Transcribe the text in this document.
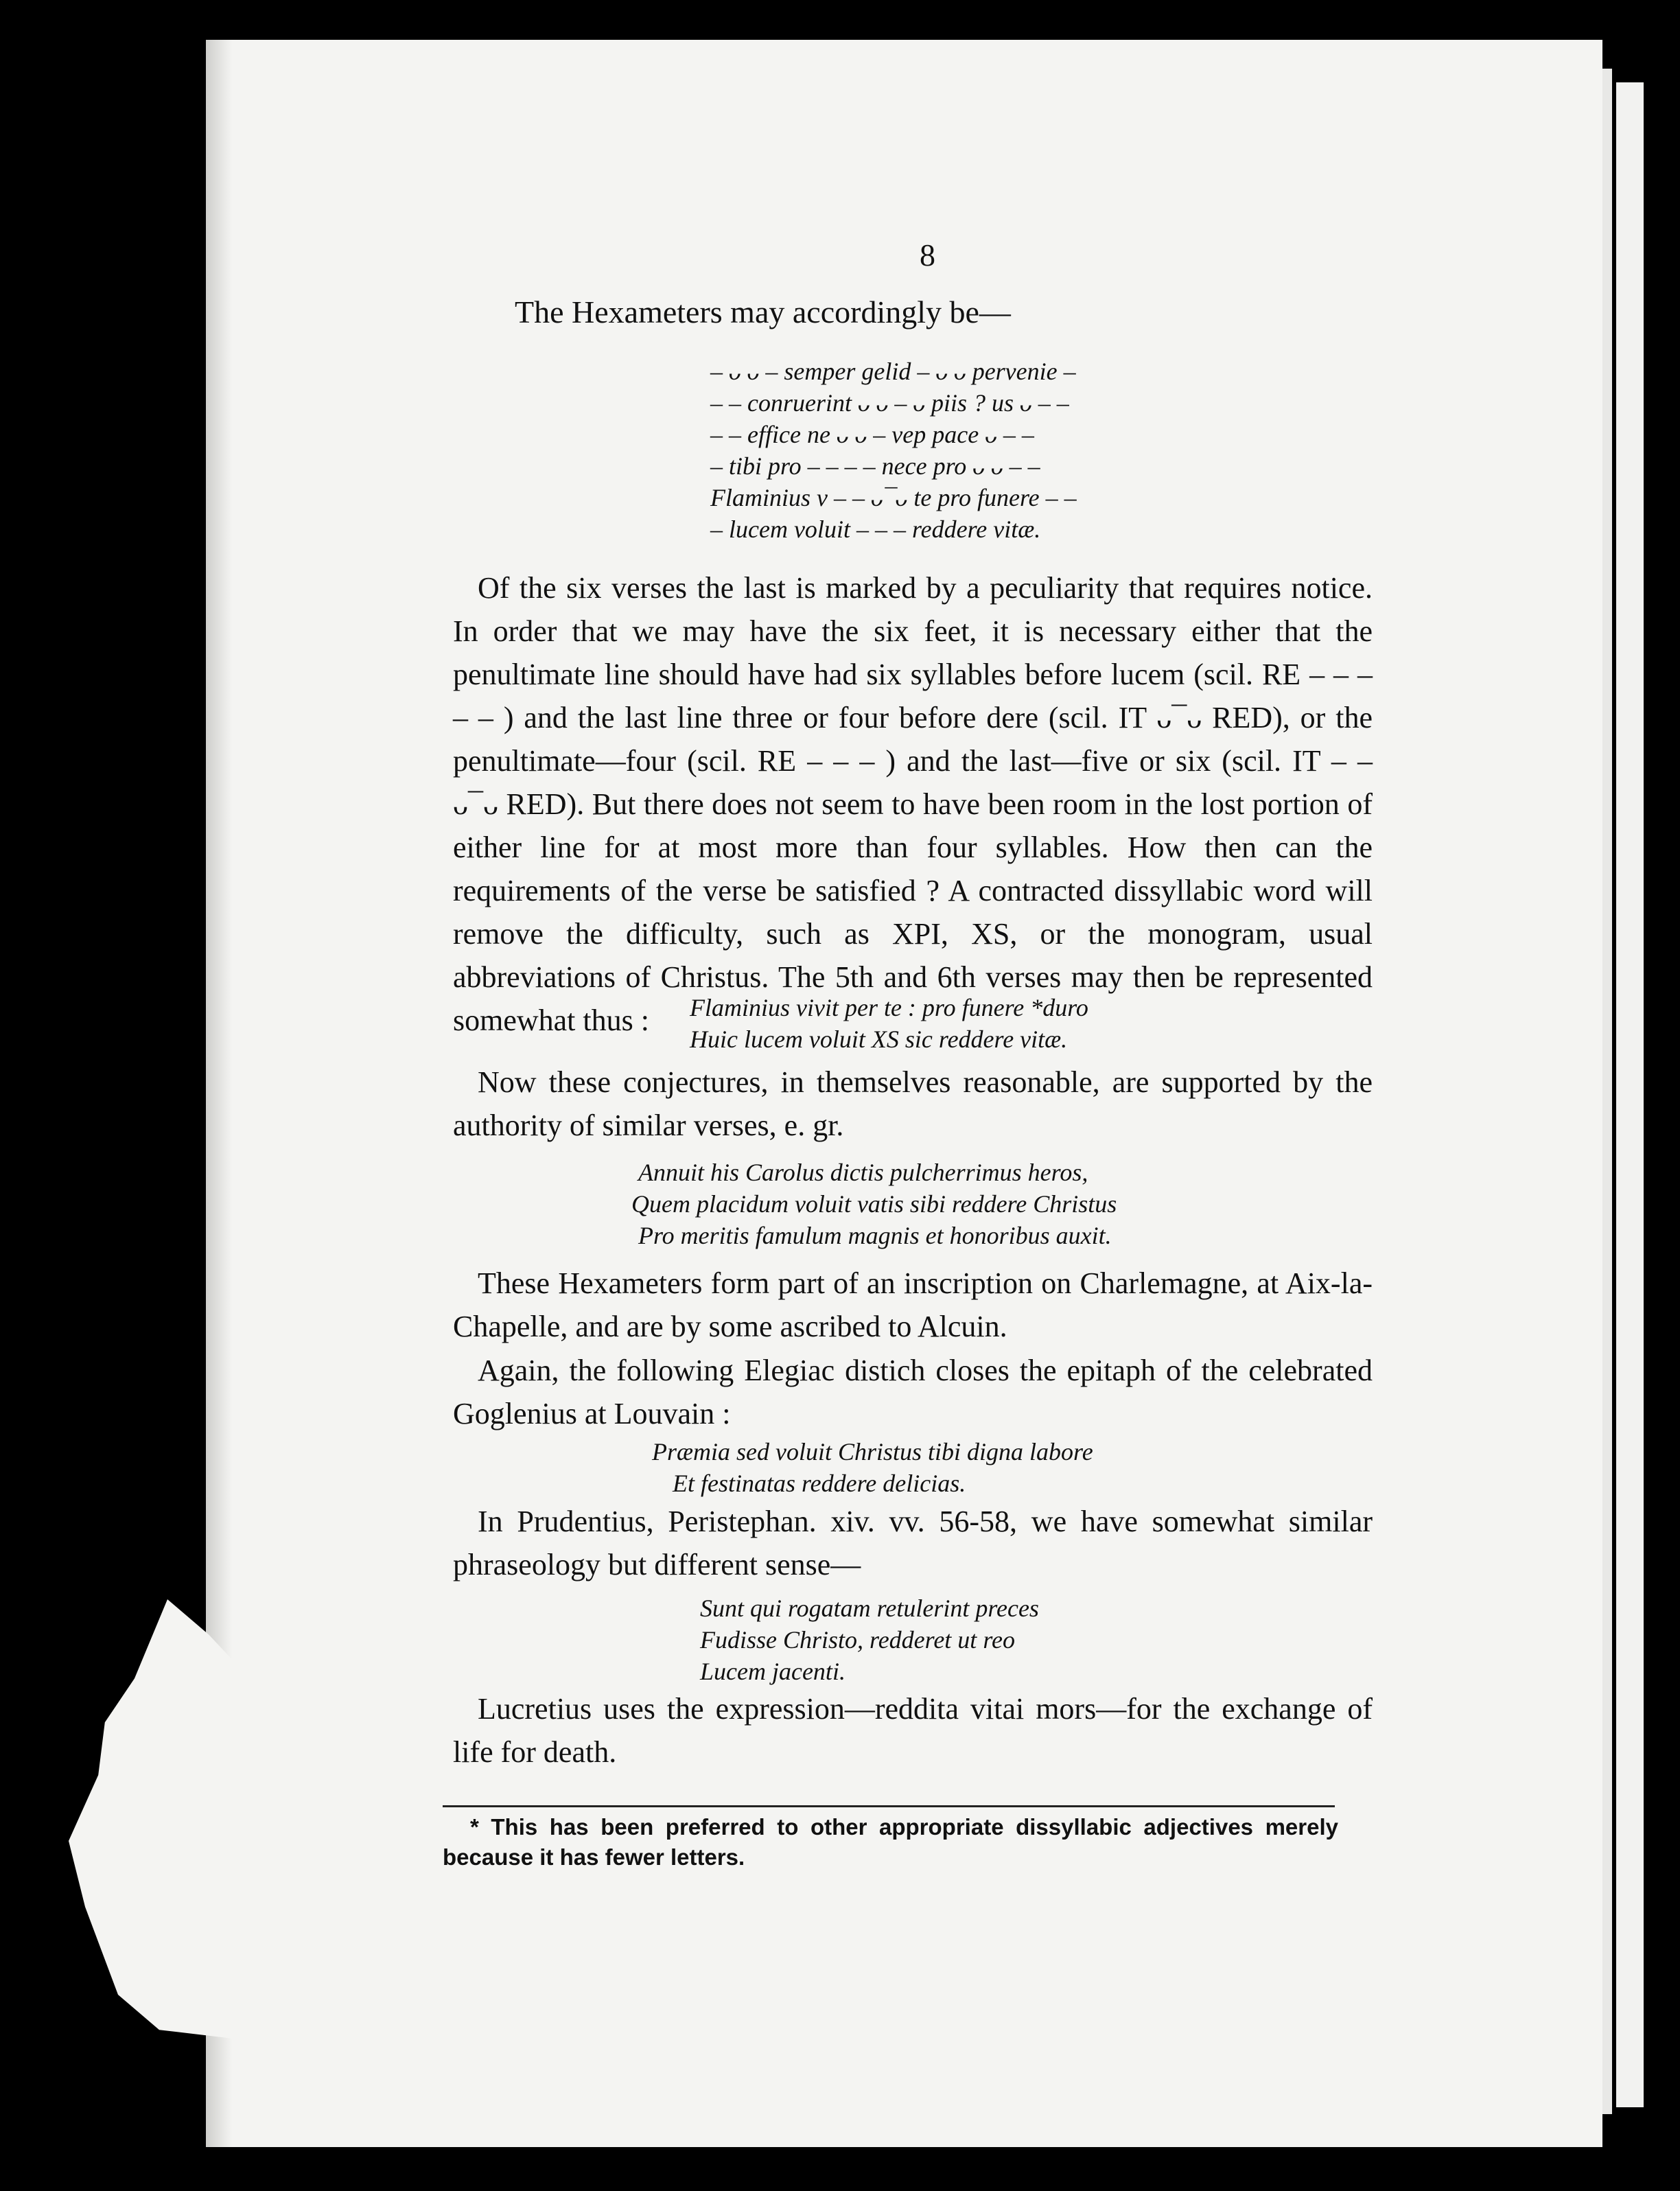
8
The Hexameters may accordingly be—
– ᴗ ᴗ – semper gelid – ᴗ ᴗ pervenie –
– – conruerint ᴗ ᴗ – ᴗ piis ? us ᴗ – –
– – effice ne ᴗ ᴗ – vep pace ᴗ – –
– tibi pro – – – – nece pro ᴗ ᴗ – –
Flaminius v – – ᴗ¯ᴗ te pro funere – –
– lucem voluit – – – reddere vitæ.
Of the six verses the last is marked by a peculiarity that requires notice. In order that we may have the six feet, it is necessary either that the penultimate line should have had six syllables before lucem (scil. RE – – – – – ) and the last line three or four before dere (scil. IT ᴗ¯ᴗ RED), or the penultimate—four (scil. RE – – – ) and the last—five or six (scil. IT – – ᴗ¯ᴗ RED). But there does not seem to have been room in the lost portion of either line for at most more than four syllables. How then can the requirements of the verse be satisfied ? A contracted dissyllabic word will remove the difficulty, such as XPI, XS, or the monogram, usual abbreviations of Christus. The 5th and 6th verses may then be represented somewhat thus :	Flaminius vivit per te : pro funere *duro
Huic lucem voluit XS sic reddere vitæ.
Now these conjectures, in themselves reasonable, are supported by the authority of similar verses, e. gr.
Annuit his Carolus dictis pulcherrimus heros,
Quem placidum voluit vatis sibi reddere Christus
Pro meritis famulum magnis et honoribus auxit.
These Hexameters form part of an inscription on Charlemagne, at Aix-la-Chapelle, and are by some ascribed to Alcuin.
Again, the following Elegiac distich closes the epitaph of the celebrated Goglenius at Louvain :
Præmia sed voluit Christus tibi digna labore
Et festinatas reddere delicias.
In Prudentius, Peristephan. xiv. vv. 56-58, we have somewhat similar phraseology but different sense—
Sunt qui rogatam retulerint preces
Fudisse Christo, redderet ut reo
Lucem jacenti.
Lucretius uses the expression—reddita vitai mors—for the exchange of life for death.
* This has been preferred to other appropriate dissyllabic adjectives merely because it has fewer letters.
